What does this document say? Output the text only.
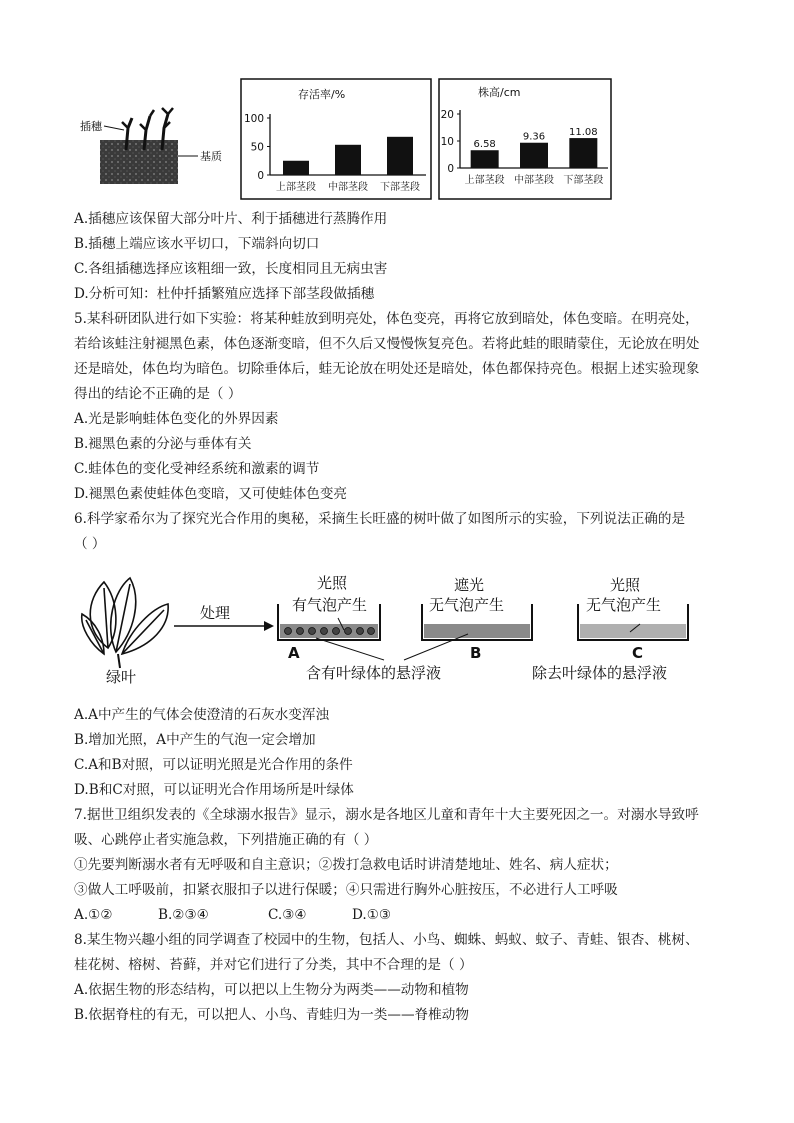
插穗
基质
存活率/%
0
50
100
上部茎段 中部茎段 下部茎段
株高/cm
0
10
20
6.58
9.36 11.08
上部茎段 中部茎段 下部茎段
A.插穗应该保留大部分叶片、利于插穗进行蒸腾作用
B.插穗上端应该水平切口，下端斜向切口
C.各组插穗选择应该粗细一致，长度相同且无病虫害
D.分析可知：杜仲扦插繁殖应选择下部茎段做插穗
5.某科研团队进行如下实验：将某种蛙放到明亮处，体色变亮，再将它放到暗处，体色变暗。在明亮处，
若给该蛙注射褪黑色素，体色逐渐变暗，但不久后又慢慢恢复亮色。若将此蛙的眼睛蒙住，无论放在明处
还是暗处，体色均为暗色。切除垂体后，蛙无论放在明处还是暗处，体色都保持亮色。根据上述实验现象
得出的结论不正确的是（ ）
A.光是影响蛙体色变化的外界因素
B.褪黑色素的分泌与垂体有关
C.蛙体色的变化受神经系统和激素的调节
D.褪黑色素使蛙体色变暗，又可使蛙体色变亮
6.科学家希尔为了探究光合作用的奥秘，采摘生长旺盛的树叶做了如图所示的实验，下列说法正确的是
（ ）
绿叶
处理
光照
有气泡产生
A
遮光
无气泡产生
B
含有叶绿体的悬浮液
光照
无气泡产生
C
除去叶绿体的悬浮液
A.A中产生的气体会使澄清的石灰水变浑浊
B.增加光照，A中产生的气泡一定会增加
C.A和B对照，可以证明光照是光合作用的条件
D.B和C对照，可以证明光合作用场所是叶绿体
7.据世卫组织发表的《全球溺水报告》显示，溺水是各地区儿童和青年十大主要死因之一。对溺水导致呼
吸、心跳停止者实施急救，下列措施正确的有（ ）
①先要判断溺水者有无呼吸和自主意识；②拨打急救电话时讲清楚地址、姓名、病人症状；
③做人工呼吸前，扣紧衣服扣子以进行保暖；④只需进行胸外心脏按压，不必进行人工呼吸
A.①②	B.②③④	C.③④	D.①③
8.某生物兴趣小组的同学调查了校园中的生物，包括人、小鸟、蜘蛛、蚂蚁、蚊子、青蛙、银杏、桃树、
桂花树、榕树、苔藓，并对它们进行了分类，其中不合理的是（ ）
A.依据生物的形态结构，可以把以上生物分为两类——动物和植物
B.依据脊柱的有无，可以把人、小鸟、青蛙归为一类——脊椎动物
